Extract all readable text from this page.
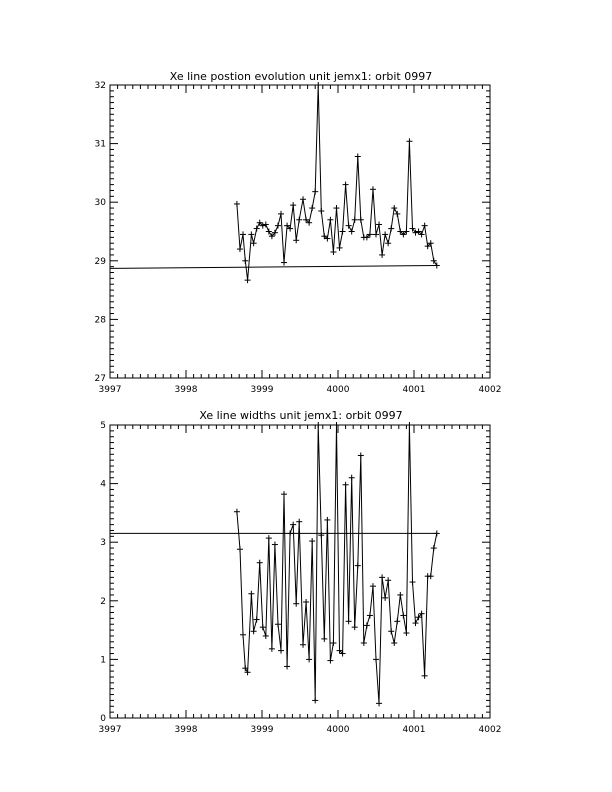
Xe line postion evolution unit jemx1: orbit 0997
3997	3998	3999	4000	4001	4002
27
28
29
30
31
32
Xe line widths unit jemx1: orbit 0997
3997	3998	3999	4000	4001	4002
0
1
2
3
4
5
